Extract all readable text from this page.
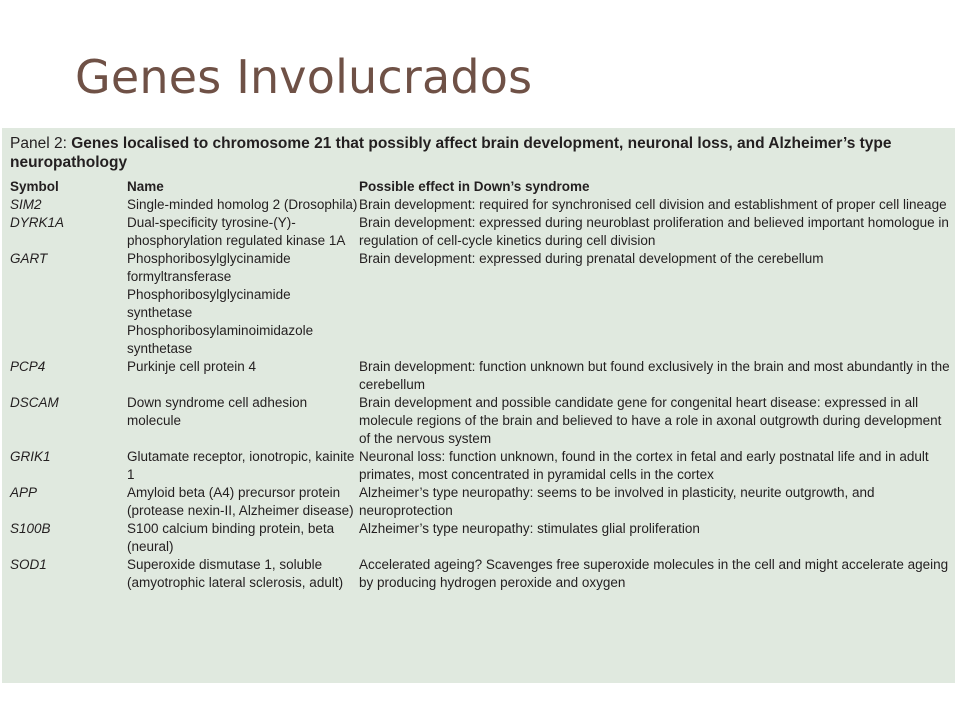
Genes Involucrados
Panel 2: Genes localised to chromosome 21 that possibly affect brain development, neuronal loss, and Alzheimer’s type neuropathology
Symbol	Name	Possible effect in Down’s syndrome
SIM2	Single-minded homolog 2 (Drosophila)	Brain development: required for synchronised cell division and establishment of proper cell lineage
DYRK1A	Dual-specificity tyrosine-(Y)-phosphorylation regulated kinase 1A	Brain development: expressed during neuroblast proliferation and believed important homologue in regulation of cell-cycle kinetics during cell division
GART	Phosphoribosylglycinamide formyltransferase
Phosphoribosylglycinamide synthetase
Phosphoribosylaminoimidazole synthetase	Brain development: expressed during prenatal development of the cerebellum
PCP4	Purkinje cell protein 4	Brain development: function unknown but found exclusively in the brain and most abundantly in the cerebellum
DSCAM	Down syndrome cell adhesion molecule	Brain development and possible candidate gene for congenital heart disease: expressed in all molecule regions of the brain and believed to have a role in axonal outgrowth during development of the nervous system
GRIK1	Glutamate receptor, ionotropic, kainite 1	Neuronal loss: function unknown, found in the cortex in fetal and early postnatal life and in adult primates, most concentrated in pyramidal cells in the cortex
APP	Amyloid beta (A4) precursor protein (protease nexin-II, Alzheimer disease)	Alzheimer’s type neuropathy: seems to be involved in plasticity, neurite outgrowth, and neuroprotection
S100B	S100 calcium binding protein, beta (neural)	Alzheimer’s type neuropathy: stimulates glial proliferation
SOD1	Superoxide dismutase 1, soluble (amyotrophic lateral sclerosis, adult)	Accelerated ageing? Scavenges free superoxide molecules in the cell and might accelerate ageing by producing hydrogen peroxide and oxygen
